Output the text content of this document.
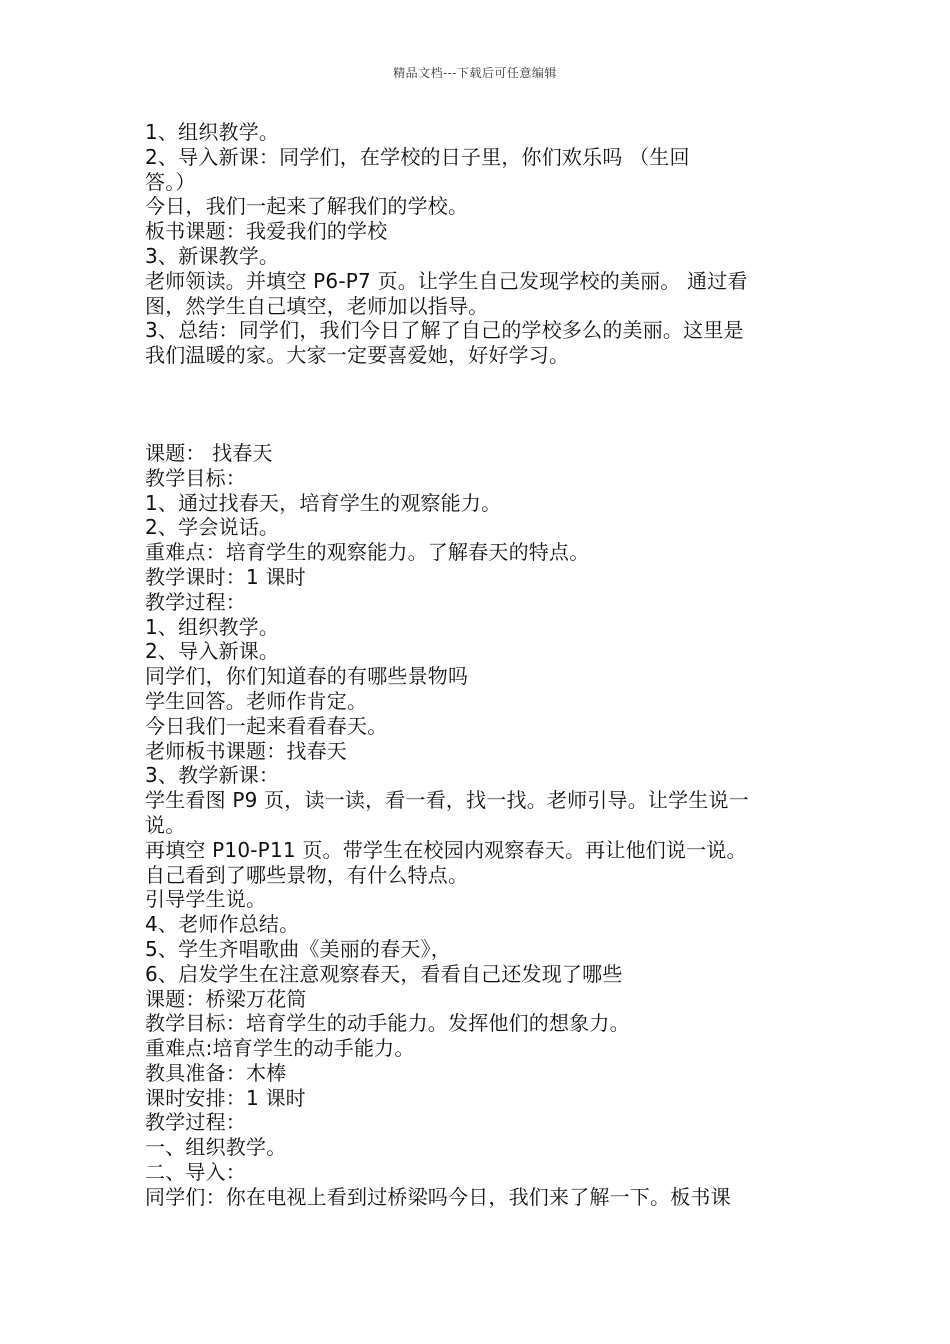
精品文档---下载后可任意编辑
1、组织教学。
2、导入新课：同学们，在学校的日子里，你们欢乐吗 （生回
答。）
今日，我们一起来了解我们的学校。
板书课题：我爱我们的学校
3、新课教学。
老师领读。并填空 P6-P7 页。让学生自己发现学校的美丽。 通过看
图，然学生自己填空，老师加以指导。
3、总结：同学们，我们今日了解了自己的学校多么的美丽。这里是
我们温暖的家。大家一定要喜爱她，好好学习。
课题： 找春天
教学目标：
1、通过找春天，培育学生的观察能力。
2、学会说话。
重难点：培育学生的观察能力。了解春天的特点。
教学课时：1 课时
教学过程：
1、组织教学。
2、导入新课。
同学们，你们知道春的有哪些景物吗
学生回答。老师作肯定。
今日我们一起来看看春天。
老师板书课题：找春天
3、教学新课：
学生看图 P9 页，读一读，看一看，找一找。老师引导。让学生说一
说。
再填空 P10-P11 页。带学生在校园内观察春天。再让他们说一说。
自己看到了哪些景物，有什么特点。
引导学生说。
4、老师作总结。
5、学生齐唱歌曲《美丽的春天》，
6、启发学生在注意观察春天，看看自己还发现了哪些
课题：桥梁万花筒
教学目标：培育学生的动手能力。发挥他们的想象力。
重难点:培育学生的动手能力。
教具准备：木棒
课时安排：1 课时
教学过程：
一、组织教学。
二、导入：
同学们：你在电视上看到过桥梁吗今日，我们来了解一下。板书课
